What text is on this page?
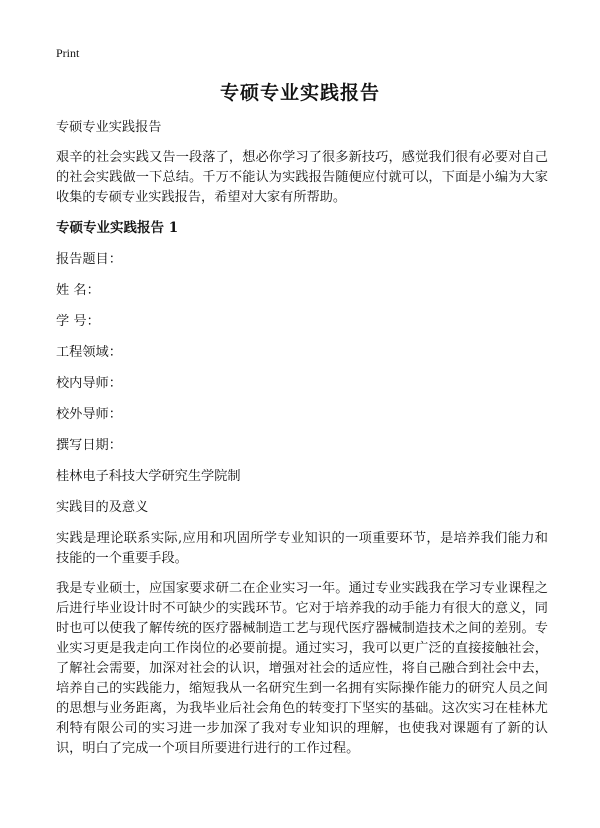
Print
专硕专业实践报告

专硕专业实践报告

艰辛的社会实践又告一段落了，想必你学习了很多新技巧，感觉我们很有必要对自己的社会实践做一下总结。千万不能认为实践报告随便应付就可以，下面是小编为大家收集的专硕专业实践报告，希望对大家有所帮助。

专硕专业实践报告 1

报告题目：

姓 名：

学 号：

工程领域：

校内导师：

校外导师：

撰写日期：

桂林电子科技大学研究生学院制

实践目的及意义

实践是理论联系实际,应用和巩固所学专业知识的一项重要环节，是培养我们能力和技能的一个重要手段。

我是专业硕士，应国家要求研二在企业实习一年。通过专业实践我在学习专业课程之后进行毕业设计时不可缺少的实践环节。它对于培养我的动手能力有很大的意义，同时也可以使我了解传统的医疗器械制造工艺与现代医疗器械制造技术之间的差别。专业实习更是我走向工作岗位的必要前提。通过实习，我可以更广泛的直接接触社会，了解社会需要，加深对社会的认识，增强对社会的适应性，将自己融合到社会中去，培养自己的实践能力，缩短我从一名研究生到一名拥有实际操作能力的研究人员之间的思想与业务距离，为我毕业后社会角色的转变打下坚实的基础。这次实习在桂林尤利特有限公司的实习进一步加深了我对专业知识的理解，也使我对课题有了新的认识，明白了完成一个项目所要进行进行的工作过程。
